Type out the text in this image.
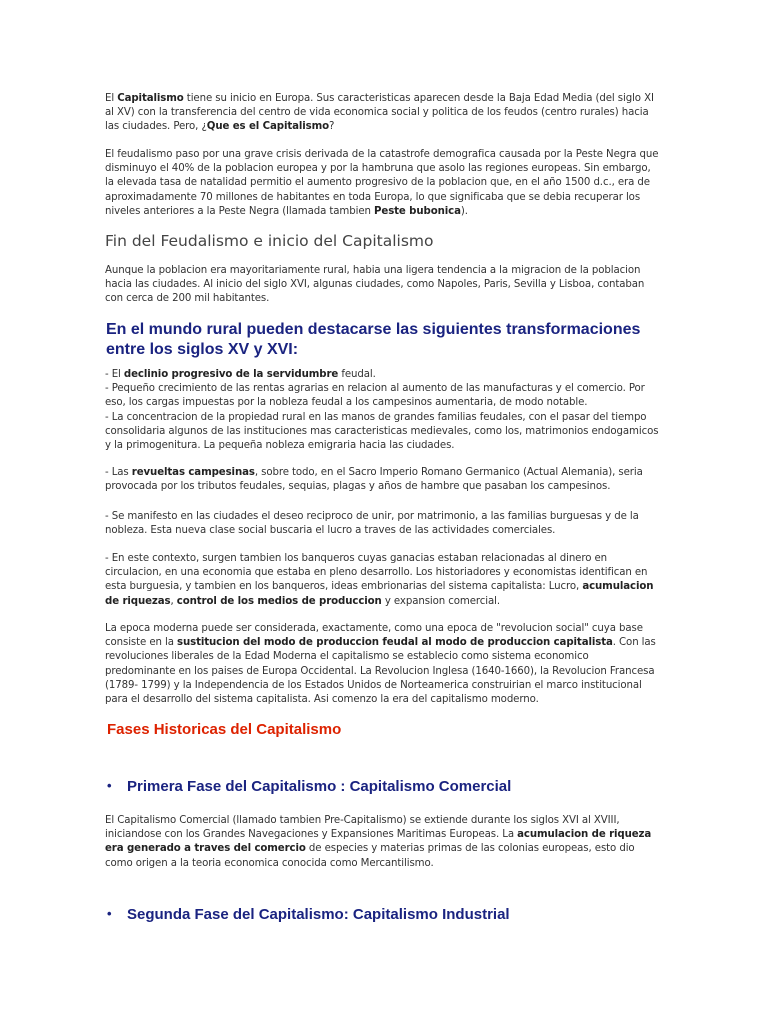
El Capitalismo tiene su inicio en Europa. Sus caracteristicas aparecen desde la Baja Edad Media (del siglo XI al XV) con la transferencia del centro de vida economica social y politica de los feudos (centro rurales) hacia las ciudades. Pero, ¿Que es el Capitalismo?

El feudalismo paso por una grave crisis derivada de la catastrofe demografica causada por la Peste Negra que disminuyo el 40% de la poblacion europea y por la hambruna que asolo las regiones europeas. Sin embargo, la elevada tasa de natalidad permitio el aumento progresivo de la poblacion que, en el año 1500 d.c., era de aproximadamente 70 millones de habitantes en toda Europa, lo que significaba que se debia recuperar los niveles anteriores a la Peste Negra (llamada tambien Peste bubonica).

Fin del Feudalismo e inicio del Capitalismo

Aunque la poblacion era mayoritariamente rural, habia una ligera tendencia a la migracion de la poblacion hacia las ciudades. Al inicio del siglo XVI, algunas ciudades, como Napoles, Paris, Sevilla y Lisboa, contaban con cerca de 200 mil habitantes.

En el mundo rural pueden destacarse las siguientes transformaciones entre los siglos XV y XVI:

- El declinio progresivo de la servidumbre feudal.
- Pequeño crecimiento de las rentas agrarias en relacion al aumento de las manufacturas y el comercio. Por eso, los cargas impuestas por la nobleza feudal a los campesinos aumentaria, de modo notable.
- La concentracion de la propiedad rural en las manos de grandes familias feudales, con el pasar del tiempo consolidaria algunos de las instituciones mas caracteristicas medievales, como los, matrimonios endogamicos y la primogenitura. La pequeña nobleza emigraria hacia las ciudades.

- Las revueltas campesinas, sobre todo, en el Sacro Imperio Romano Germanico (Actual Alemania), seria provocada por los tributos feudales, sequias, plagas y años de hambre que pasaban los campesinos.

- Se manifesto en las ciudades el deseo reciproco de unir, por matrimonio, a las familias burguesas y de la nobleza. Esta nueva clase social buscaria el lucro a traves de las actividades comerciales.

- En este contexto, surgen tambien los banqueros cuyas ganacias estaban relacionadas al dinero en circulacion, en una economia que estaba en pleno desarrollo. Los historiadores y economistas identifican en esta burguesia, y tambien en los banqueros, ideas embrionarias del sistema capitalista: Lucro, acumulacion de riquezas, control de los medios de produccion y expansion comercial.

La epoca moderna puede ser considerada, exactamente, como una epoca de "revolucion social" cuya base consiste en la sustitucion del modo de produccion feudal al modo de produccion capitalista. Con las revoluciones liberales de la Edad Moderna el capitalismo se establecio como sistema economico predominante en los paises de Europa Occidental. La Revolucion Inglesa (1640-1660), la Revolucion Francesa (1789- 1799) y la Independencia de los Estados Unidos de Norteamerica construirian el marco institucional para el desarrollo del sistema capitalista. Asi comenzo la era del capitalismo moderno.

Fases Historicas del Capitalismo
• Primera Fase del Capitalismo : Capitalismo Comercial

El Capitalismo Comercial (llamado tambien Pre-Capitalismo) se extiende durante los siglos XVI al XVIII, iniciandose con los Grandes Navegaciones y Expansiones Maritimas Europeas. La acumulacion de riqueza era generado a traves del comercio de especies y materias primas de las colonias europeas, esto dio como origen a la teoria economica conocida como Mercantilismo.

• Segunda Fase del Capitalismo: Capitalismo Industrial
